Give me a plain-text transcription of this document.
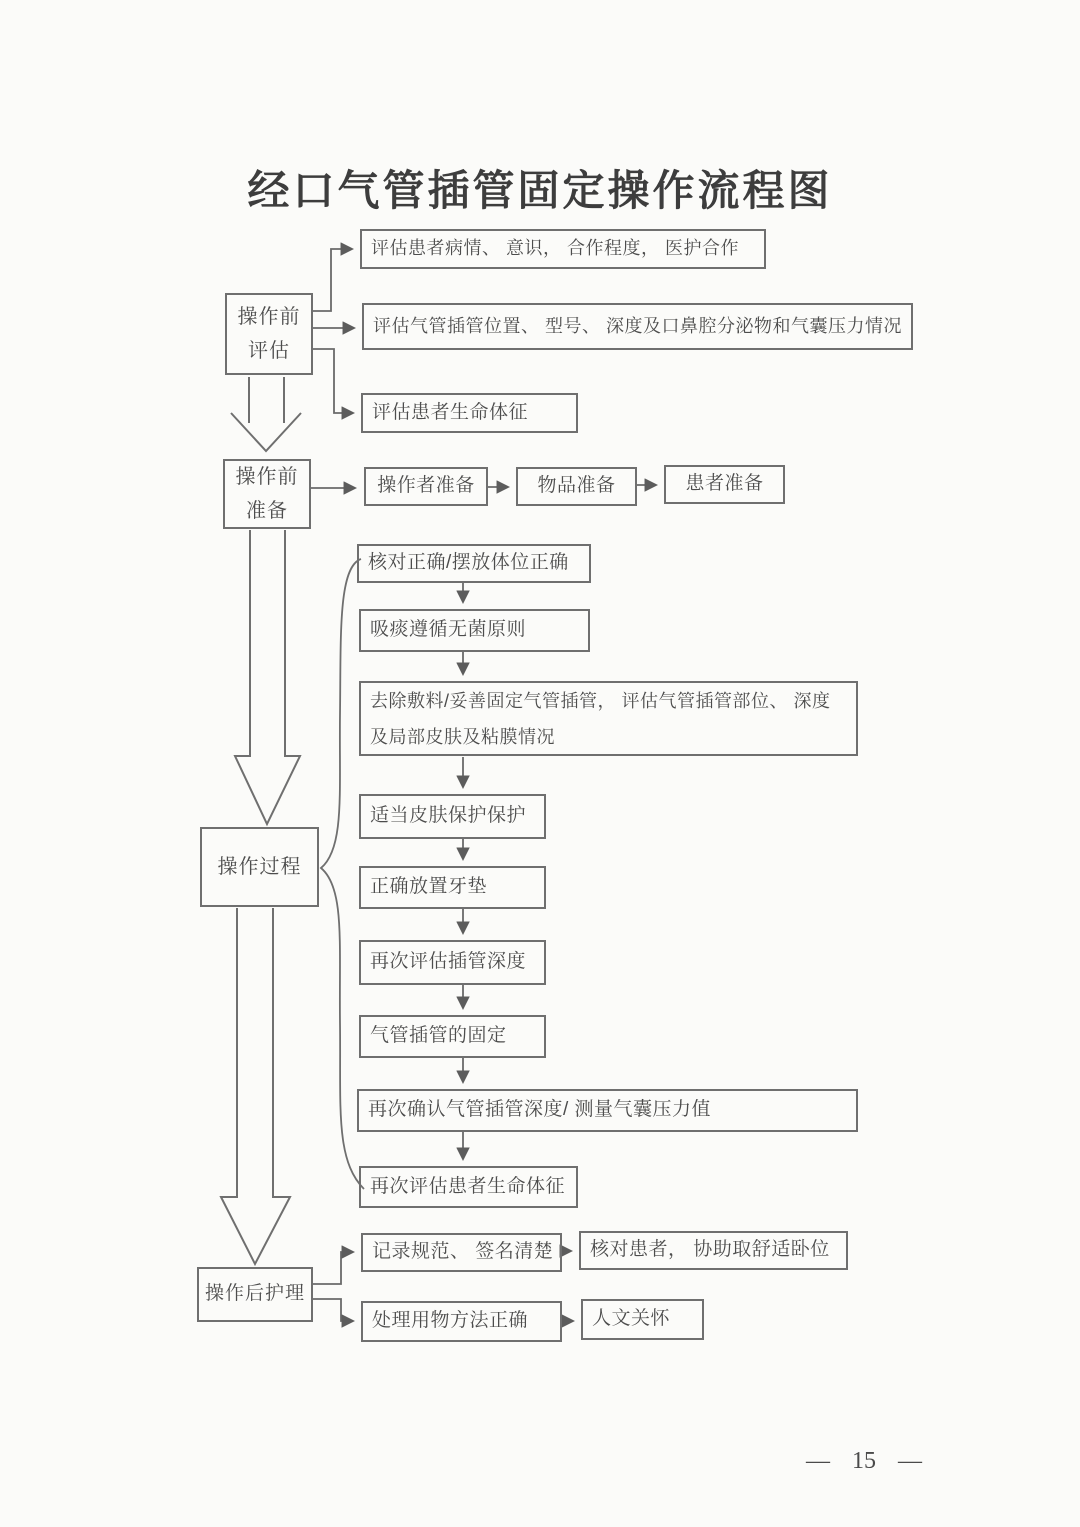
经口气管插管固定操作流程图
操作前
评估
操作前
准备
操作过程
操作后护理
评估患者病情、 意识， 合作程度， 医护合作
评估气管插管位置、 型号、 深度及口鼻腔分泌物和气囊压力情况
评估患者生命体征
操作者准备	物品准备	患者准备
核对正确/摆放体位正确
吸痰遵循无菌原则
去除敷料/妥善固定气管插管， 评估气管插管部位、 深度及局部皮肤及粘膜情况
适当皮肤保护保护
正确放置牙垫
再次评估插管深度
气管插管的固定
再次确认气管插管深度/ 测量气囊压力值
再次评估患者生命体征
记录规范、 签名清楚	核对患者， 协助取舒适卧位
处理用物方法正确	人文关怀
— 15 —
